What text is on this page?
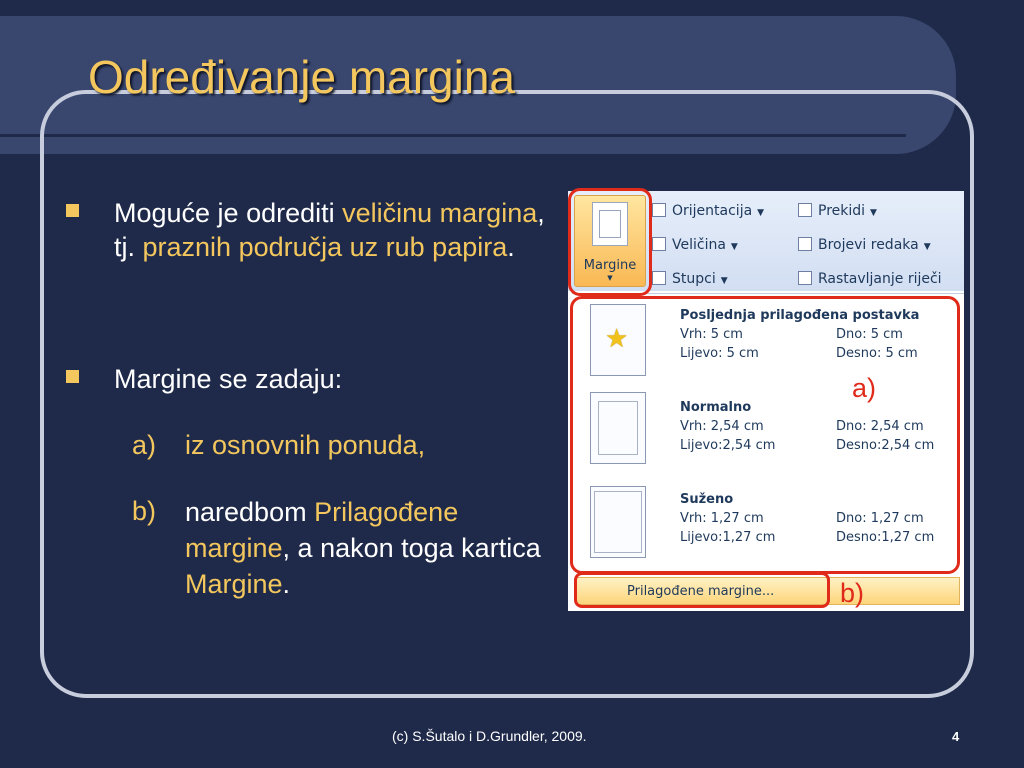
Određivanje margina
Moguće je odrediti veličinu margina, tj. praznih područja uz rub papira.
Margine se zadaju:
a) iz osnovnih ponuda,
b) naredbom Prilagođene margine, a nakon toga kartica Margine.
Margine
▼
Orijentacija ▼
Veličina ▼
Stupci ▼
Prekidi ▼
Brojevi redaka ▼
Rastavljanje riječi
★
Posljednja prilagođena postavka
Vrh: 5 cm	Dno: 5 cm
Lijevo: 5 cm	Desno: 5 cm
Normalno
Vrh: 2,54 cm	Dno: 2,54 cm
Lijevo:2,54 cm	Desno:2,54 cm
Suženo
Vrh: 1,27 cm	Dno: 1,27 cm
Lijevo:1,27 cm	Desno:1,27 cm
Prilagođene margine...
a)
b)
(c) S.Šutalo i D.Grundler, 2009.	4
